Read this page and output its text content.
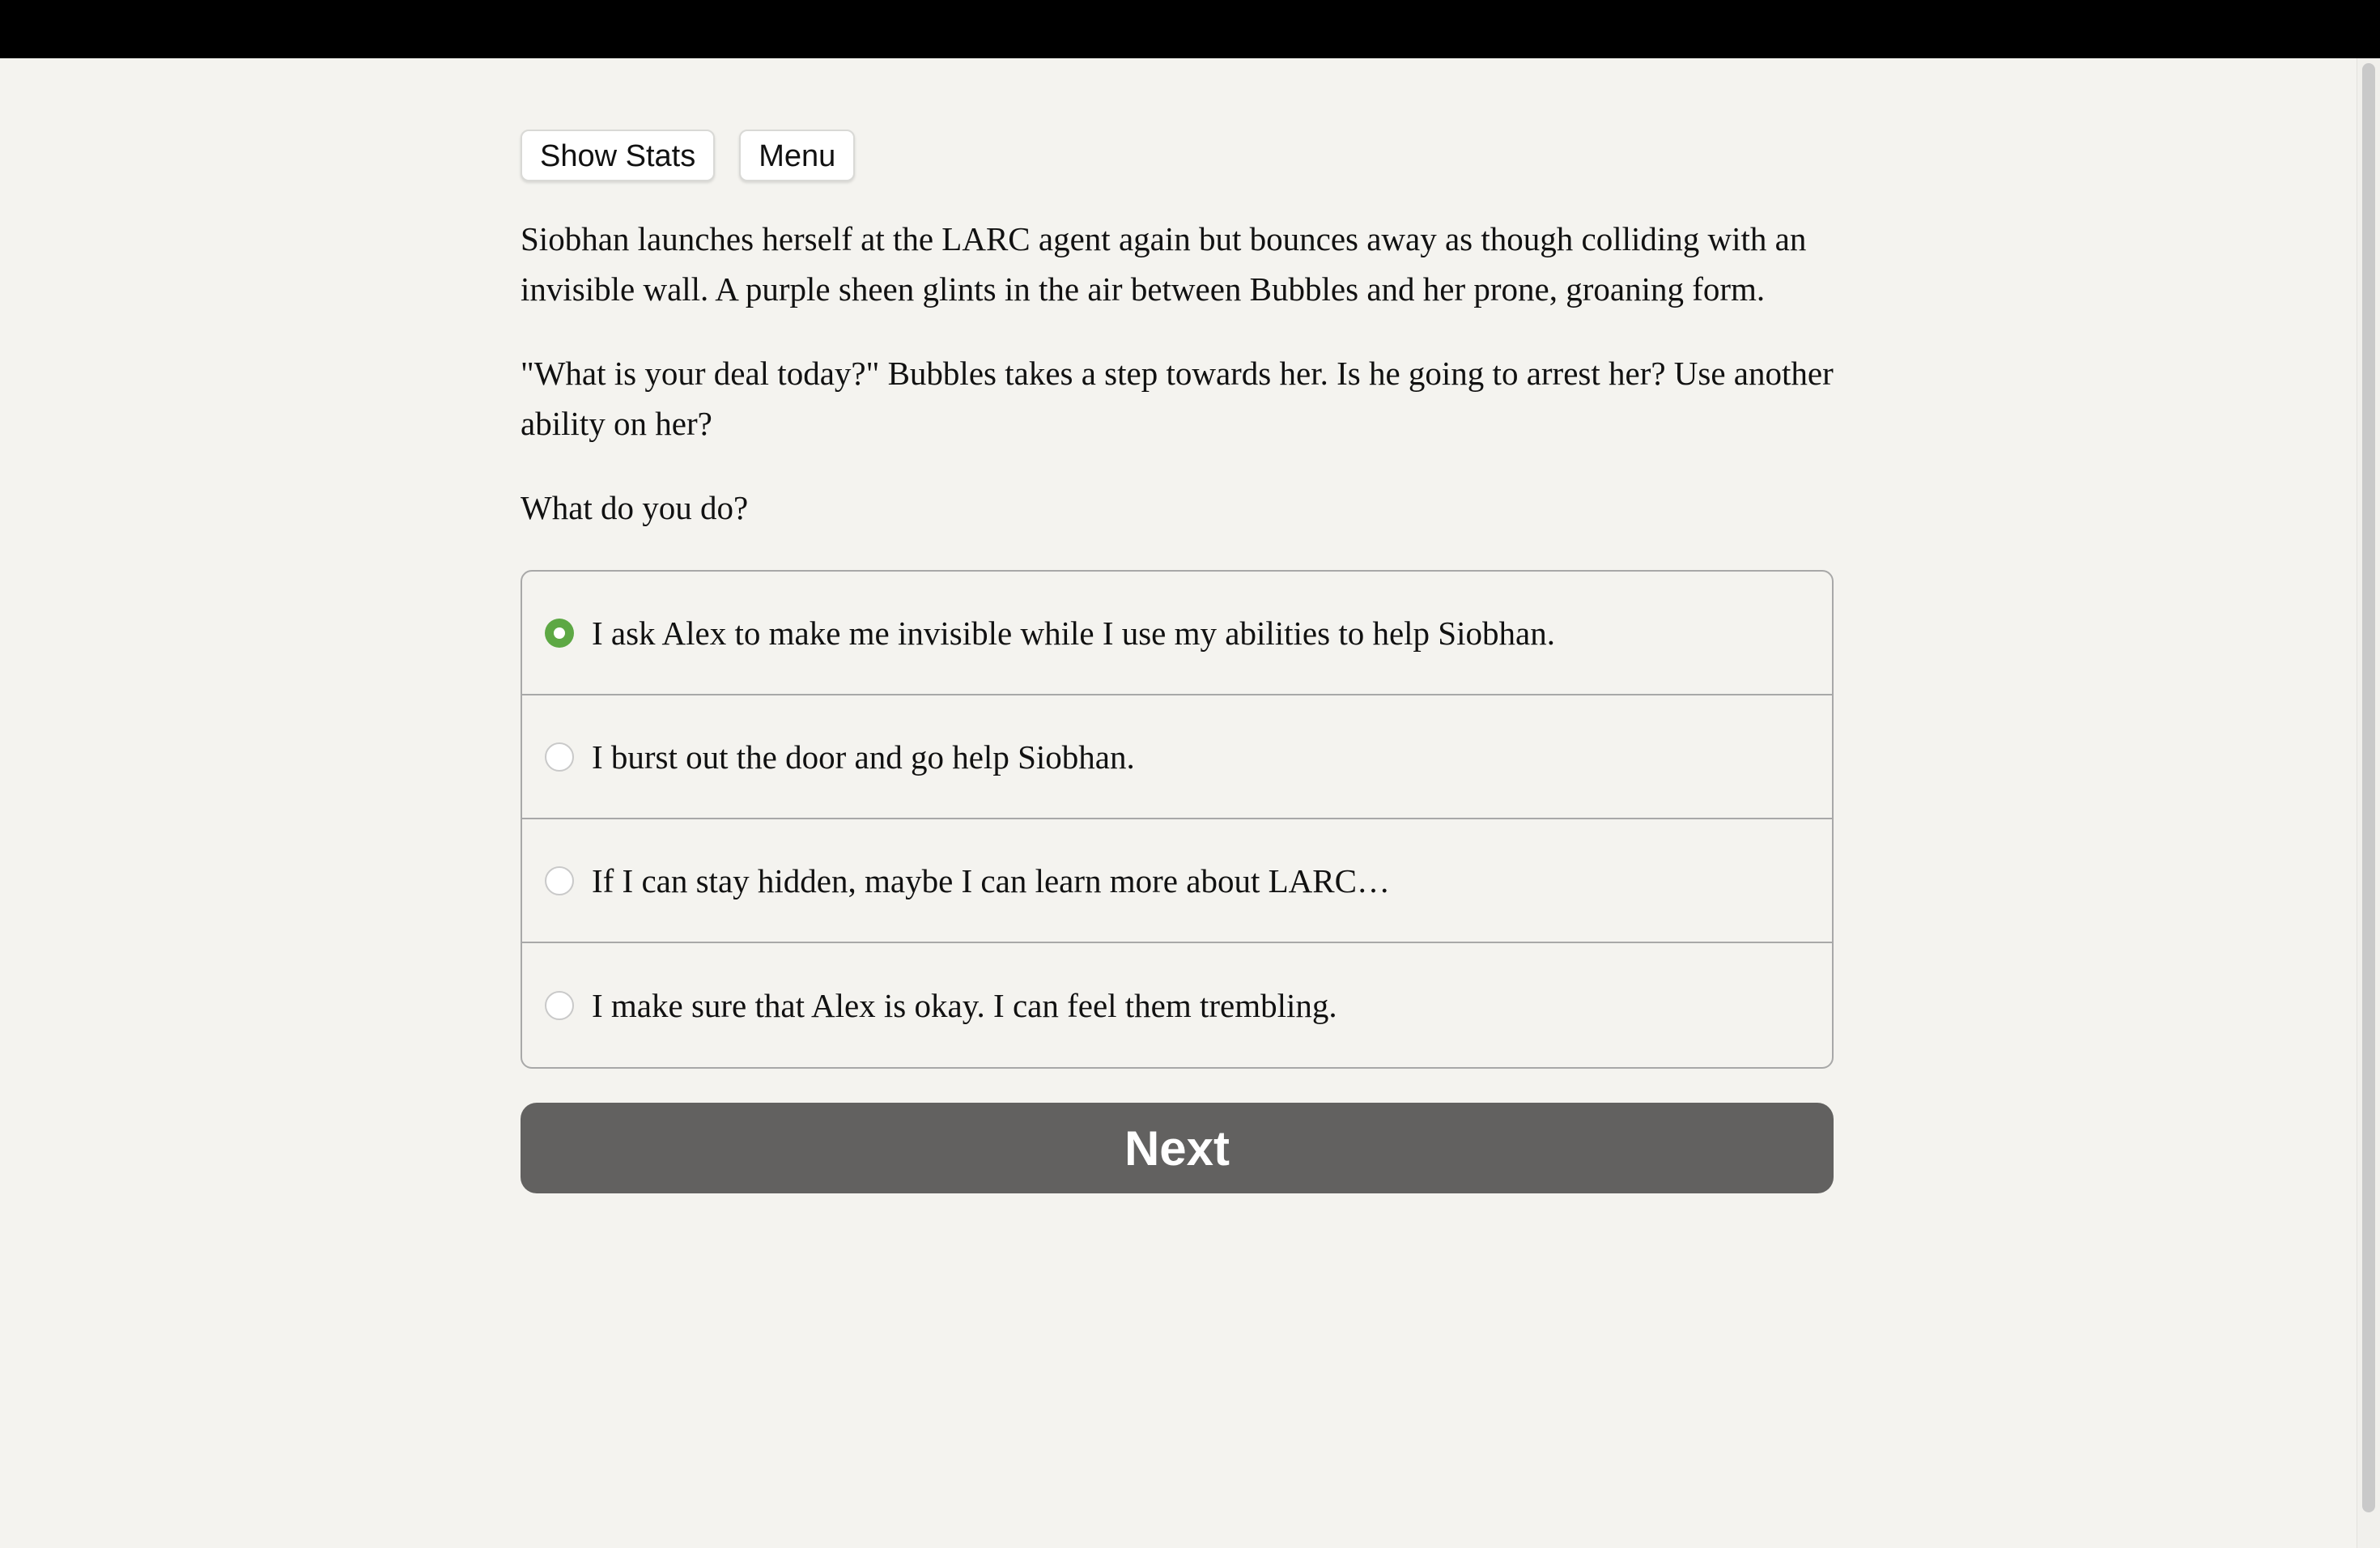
Show Stats	Menu

Siobhan launches herself at the LARC agent again but bounces away as though colliding with an invisible wall. A purple sheen glints in the air between Bubbles and her prone, groaning form.

"What is your deal today?" Bubbles takes a step towards her. Is he going to arrest her? Use another ability on her?

What do you do?

I ask Alex to make me invisible while I use my abilities to help Siobhan.
I burst out the door and go help Siobhan.
If I can stay hidden, maybe I can learn more about LARC…
I make sure that Alex is okay. I can feel them trembling.
Next
